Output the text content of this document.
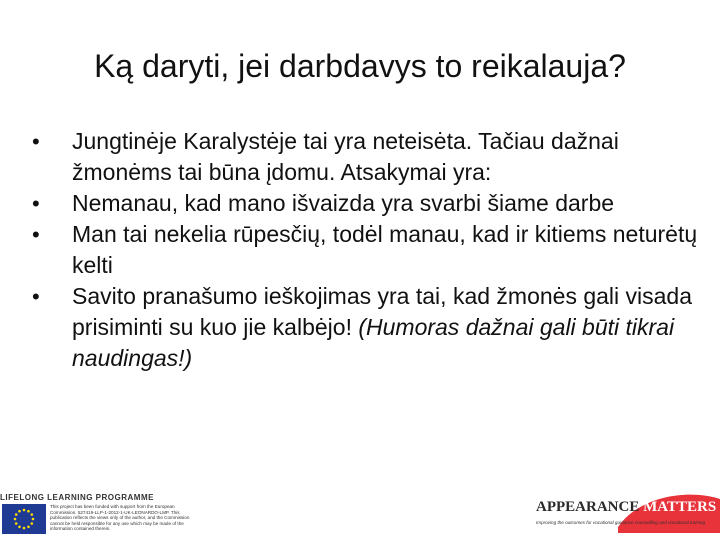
Ką daryti, jei darbdavys to reikalauja?
• Jungtinėje Karalystėje tai yra neteisėta. Tačiau dažnai žmonėms tai būna įdomu. Atsakymai yra:
• Nemanau, kad mano išvaizda yra svarbi šiame darbe
• Man tai nekelia rūpesčių, todėl manau, kad ir kitiems neturėtų kelti
• Savito pranašumo ieškojimas yra tai, kad žmonės gali visada prisiminti su kuo jie kalbėjo! (Humoras dažnai gali būti tikrai naudingas!)
LIFELONG LEARNING PROGRAMME
This project has been funded with support from the European Commission. 527419-LLP-1-2012-1-UK-LEONARDO-LMP. This publication reflects the views only of the author, and the Commission cannot be held responsible for any use which may be made of the information contained therein.
APPEARANCE MATTERS
Improving the outcomes for vocational guidance counselling and vocational training
